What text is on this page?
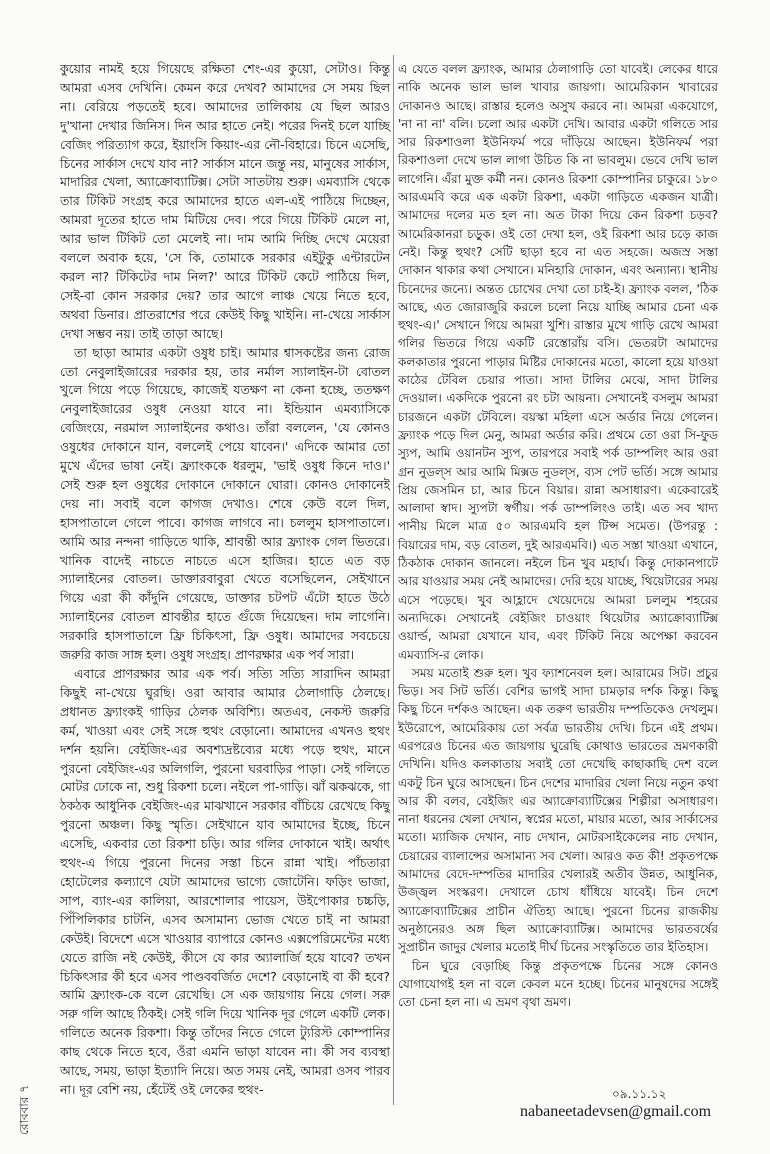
কুয়োর নামই হয়ে গিয়েছে রক্ষিতা শেং-এর কুয়ো, সেটাও। কিন্তু আমরা এসব দেখিনি। কেমন করে দেখব? আমাদের সে সময় ছিল না। বেরিয়ে পড়তেই হবে। আমাদের তালিকায় যে ছিল আরও দু'খানা দেখার জিনিস। দিন আর হাতে নেই। পরের দিনই চলে যাচ্ছি বেজিং পরিত্যাগ করে, ইয়াংসি কিয়াং-এর নৌ-বিহারে। চিনে এসেছি, চিনের সার্কাস দেখে যাব না? সার্কাস মানে জন্তু নয়, মানুষের সার্কাস, মাদারির খেলা, অ্যাক্রোব্যাটিক্স। সেটা সাতটায় শুরু। এমব্যাসি থেকে তার টিকিট সংগ্রহ করে আমাদের হাতে এল-এই পাঠিয়ে দিচ্ছেন, আমরা দূতের হাতে দাম মিটিয়ে দেব। পরে গিয়ে টিকিট মেলে না, আর ভাল টিকিট তো মেলেই না। দাম আমি দিচ্ছি দেখে মেয়েরা বললে অবাক হয়ে, 'সে কি, তোমাকে সরকার এইটুকু এন্টারটেন করল না? টিকিটের দাম নিল?' আরে টিকিট কেটে পাঠিয়ে দিল, সেই-বা কোন সরকার দেয়? তার আগে লাঞ্চ খেয়ে নিতে হবে, অথবা ডিনার। প্রাতরাশের পরে কেউই কিছু খাইনি। না-খেয়ে সার্কাস দেখা সম্ভব নয়। তাই তাড়া আছে।

তা ছাড়া আমার একটা ওষুধ চাই। আমার শ্বাসকষ্টের জন্য রোজ তো নেবুলাইজারের দরকার হয়, তার নর্মাল স্যালাইন-টা বোতল খুলে গিয়ে পড়ে গিয়েছে, কাজেই যতক্ষণ না কেনা হচ্ছে, ততক্ষণ নেবুলাইজারের ওষুধ নেওয়া যাবে না। ইন্ডিয়ান এমব্যাসিকে বেজিংয়ে, নরমাল স্যালাইনের কথাও। তাঁরা বললেন, 'যে কোনও ওষুধের দোকানে যান, বললেই পেয়ে যাবেন।' এদিকে আমার তো মুখে এঁদের ভাষা নেই। ফ্র্যাংককে ধরলুম, 'ভাই ওষুধ কিনে দাও।' সেই শুরু হল ওষুধের দোকানে দোকানে ঘোরা। কোনও দোকানেই দেয় না। সবাই বলে কাগজ দেখাও। শেষে কেউ বলে দিল, হাসপাতালে গেলে পাবে। কাগজ লাগবে না। চললুম হাসপাতালে। আমি আর নন্দনা গাড়িতে থাকি, শ্রাবন্তী আর ফ্র্যাংক গেল ভিতরে। খানিক বাদেই নাচতে নাচতে এসে হাজির। হাতে এত বড় স্যালাইনের বোতল। ডাক্তারবাবুরা খেতে বসেছিলেন, সেইখানে গিয়ে এরা কী কাঁদুনি গেয়েছে, ডাক্তার চটপট এঁটো হাতে উঠে স্যালাইনের বোতল শ্রাবন্তীর হাতে গুঁজে দিয়েছেন। দাম লাগেনি। সরকারি হাসপাতালে ফ্রি চিকিৎসা, ফ্রি ওষুধ। আমাদের সবচেয়ে জরুরি কাজ সাঙ্গ হল। ওষুধ সংগ্রহ। প্রাণরক্ষার এক পর্ব সারা।

এবারে প্রাণরক্ষার আর এক পর্ব। সত্যি সত্যি সারাদিন আমরা কিছুই না-খেয়ে ঘুরছি। ওরা আবার আমার ঠেলাগাড়ি ঠেলছে। প্রধানত ফ্র্যাংকই গাড়ির ঠেলক অবিশ্যি। অতএব, নেকস্ট জরুরি কর্ম, খাওয়া এবং সেই সঙ্গে হুথং বেড়ানো। আমাদের এখনও হুথং দর্শন হয়নি। বেইজিং-এর অবশ্যদ্রষ্টব্যের মধ্যে পড়ে হুথং, মানে পুরনো বেইজিং-এর অলিগলি, পুরনো ঘরবাড়ির পাড়া। সেই গলিতে মোটর ঢোকে না, শুধু রিকশা চলে। নইলে পা-গাড়ি। ঝাঁ ঝকঝকে, গা ঠকঠক আধুনিক বেইজিং-এর মাঝখানে সরকার বাঁচিয়ে রেখেছে কিছু পুরনো অঞ্চল। কিছু স্মৃতি। সেইখানে যাব আমাদের ইচ্ছে, চিনে এসেছি, একবার তো রিকশা চড়ি। আর গলির দোকানে খাই। অর্থাৎ হুথং-এ গিয়ে পুরনো দিনের সস্তা চিনে রান্না খাই। পাঁচতারা হোটেলের কল্যাণে যেটা আমাদের ভাগ্যে জোটেনি। ফড়িং ভাজা, সাপ, ব্যাং-এর কালিয়া, আরশোলার পায়েস, উইপোকার চচ্চড়ি, পিঁপিলিকার চাটনি, এসব অসামান্য ভোজ খেতে চাই না আমরা কেউই। বিদেশে এসে খাওয়ার ব্যাপারে কোনও এক্সপেরিমেন্টের মধ্যে যেতে রাজি নই কেউই, কীসে যে কার অ্যালার্জি হয়ে যাবে? তখন চিকিৎসার কী হবে এসব পাণ্ডববর্জিত দেশে? বেড়ানোই বা কী হবে? আমি ফ্র্যাংক-কে বলে রেখেছি। সে এক জায়গায় নিয়ে গেল। সরু সরু গলি আছে ঠিকই। সেই গলি দিয়ে খানিক দূর গেলে একটি লেক। গলিতে অনেক রিকশা। কিন্তু তাঁদের নিতে গেলে ট্যুরিস্ট কোম্পানির কাছ থেকে নিতে হবে, ওঁরা এমনি ভাড়া যাবেন না। কী সব ব্যবস্থা আছে, সময়, ভাড়া ইত্যাদি নিয়ে। অত সময় নেই, আমরা ওসব পারব না। দূর বেশি নয়, হেঁটেই ওই লেকের হুথং-

এ যেতে বলল ফ্র্যাংক, আমার ঠেলাগাড়ি তো যাবেই। লেকের ধারে নাকি অনেক ভাল ভাল খাবার জায়গা। আমেরিকান খাবারের দোকানও আছে। রাস্তার হলেও অসুখ করবে না। আমরা একযোগে, 'না না না' বলি। চলো আর একটা দেখি। আবার একটা গলিতে সার সার রিকশাওলা ইউনিফর্ম পরে দাঁড়িয়ে আছেন। ইউনিফর্ম পরা রিকশাওলা দেখে ভাল লাগা উচিত কি না ভাবলুম। ভেবে দেখি ভাল লাগেনি। এঁরা মুক্ত কর্মী নন। কোনও রিকশা কোম্পানির চাকুরে। ১৮০ আরএমবি করে এক একটা রিকশা, একটা গাড়িতে একজন যাত্রী। আমাদের দলের মত হল না। অত টাকা দিয়ে কেন রিকশা চড়ব? আমেরিকানরা চড়ুক। ওই তো দেখা হল, ওই রিকশা আর চড়ে কাজ নেই। কিন্তু হুথং? সেটি ছাড়া হবে না এত সহজে। অজস্র সস্তা দোকান থাকার কথা সেখানে। মনিহারি দোকান, এবং অন্যান্য। স্থানীয় চিনেদের জন্যে। অন্তত চোখের দেখা তো চাই-ই। ফ্র্যাংক বলল, 'ঠিক আছে, এত জোরাজুরি করলে চলো নিয়ে যাচ্ছি আমার চেনা এক হুথং-এ।' সেখানে গিয়ে আমরা খুশি। রাস্তার মুখে গাড়ি রেখে আমরা গলির ভিতরে গিয়ে একটি রেস্তোরাঁয় বসি। ভেতরটা আমাদের কলকাতার পুরনো পাড়ার মিষ্টির দোকানের মতো, কালো হয়ে যাওয়া কাঠের টেবিল চেয়ার পাতা। সাদা টালির মেঝে, সাদা টালির দেওয়াল। একদিকে পুরনো রং চটা আয়না। সেখানেই বসলুম আমরা চারজনে একটা টেবিলে। বয়স্কা মহিলা এসে অর্ডার নিয়ে গেলেন। ফ্র্যাংক পড়ে দিল মেনু, আমরা অর্ডার করি। প্রথমে তো ওরা সি-ফুড স্যুপ, আমি ওয়ানটন স্যুপ, তারপরে সবাই পর্ক ডাম্পলিং আর ওরা গ্রন নুডল্স আর আমি মিক্সড নুডল্স, ব্যস পেট ভর্তি। সঙ্গে আমার প্রিয় জেসমিন চা, আর চিনে বিয়ার। রান্না অসাধারণ। একেবারেই আলাদা স্বাদ। স্যুপটা স্বর্গীয়। পর্ক ডাম্পলিংও তাই। এত সব খাদ্য পানীয় মিলে মাত্র ৫০ আরএমবি হল টিপ্স সমেত। (উপরন্তু : বিয়ারের দাম, বড় বোতল, দুই আরএমবি।) এত সস্তা খাওয়া এখানে, ঠিকঠাক দোকান জানলে। নইলে চিন খুব মহার্ঘ। কিন্তু দোকানপাটে আর যাওয়ার সময় নেই আমাদের। দেরি হয়ে যাচ্ছে, থিয়েটারের সময় এসে পড়েছে। খুব আহ্লাদে খেয়েদেয়ে আমরা চললুম শহরের অন্যদিকে। সেখানেই বেইজিং চাওয়াং থিয়েটার অ্যাক্রোব্যাটিক্স ওয়ার্ল্ড, আমরা যেখানে যাব, এবং টিকিট নিয়ে অপেক্ষা করবেন এমব্যাসি-র লোক।

সময় মতোই শুরু হল। খুব ফ্যাশনেবল হল। আরামের সিট। প্রচুর ভিড়। সব সিট ভর্তি। বেশির ভাগই সাদা চামড়ার দর্শক কিন্তু। কিছু কিছু চিনে দর্শকও আছেন। এক তরুণ ভারতীয় দম্পতিকেও দেখলুম। ইউরোপে, আমেরিকায় তো সর্বত্র ভারতীয় দেখি। চিনে এই প্রথম। এরপরেও চিনের এত জায়গায় ঘুরেছি কোথাও ভারতের ভ্রমণকারী দেখিনি। যদিও কলকাতায় সবাই তো দেখেছি কাছাকাছি দেশ বলে একটু চিন ঘুরে আসছেন। চিন দেশের মাদারির খেলা নিয়ে নতুন কথা আর কী বলব, বেইজিং এর অ্যাক্রোব্যাটিক্সের শিল্পীরা অসাধারণ। নানা ধরনের খেলা দেখান, স্বপ্নের মতো, মায়ার মতো, আর সার্কাসের মতো। ম্যাজিক দেখান, নাচ দেখান, মোটরসাইকেলের নাচ দেখান, চেয়ারের ব্যালান্সের অসামান্য সব খেলা। আরও কত কী! প্রকৃতপক্ষে আমাদের বেদে-দম্পতির মাদারির খেলারই অতীব উন্নত, আধুনিক, উজ্জ্বল সংস্করণ। দেখালে চোখ ধাঁধিয়ে যাবেই। চিন দেশে অ্যাক্রোব্যাটিক্সের প্রাচীন ঐতিহ্য আছে। পুরনো চিনের রাজকীয় অনুষ্ঠানেরও অঙ্গ ছিল অ্যাক্রোব্যাটিক্স। আমাদের ভারতবর্ষের সুপ্রাচীন জাদুর খেলার মতোই দীর্ঘ চিনের সংস্কৃতিতে তার ইতিহাস।

চিন ঘুরে বেড়াচ্ছি কিন্তু প্রকৃতপক্ষে চিনের সঙ্গে কোনও যোগাযোগই হল না বলে কেবল মনে হচ্ছে। চিনের মানুষদের সঙ্গেই তো চেনা হল না। এ ভ্রমণ বৃথা ভ্রমণ।

০৯.১১.১২
nabaneetadevsen@gmail.com
রোববার ৭
